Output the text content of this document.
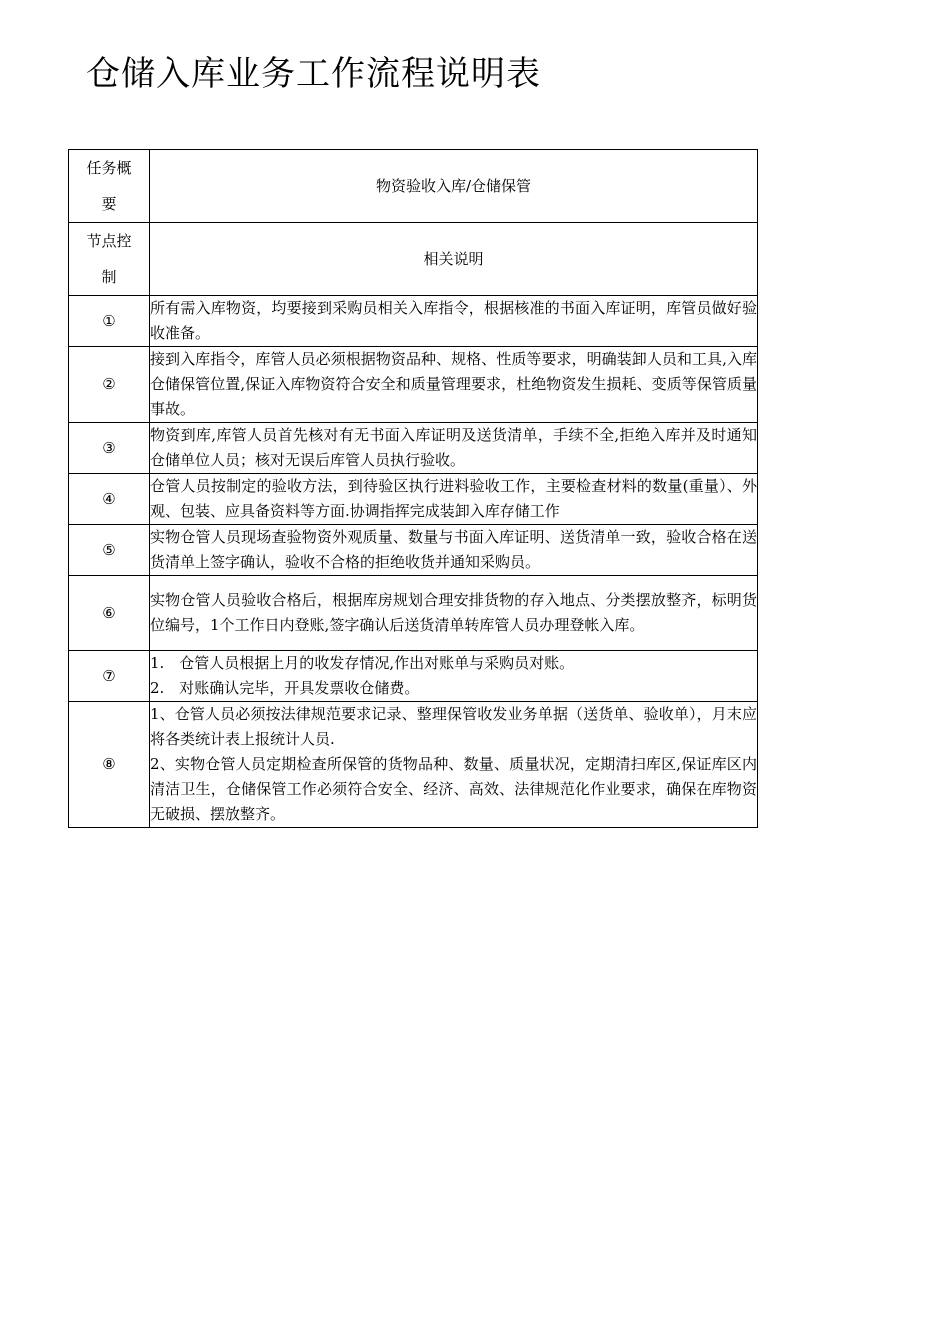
仓储入库业务工作流程说明表
任务概要	物资验收入库/仓储保管
节点控制	相关说明
①	所有需入库物资，均要接到采购员相关入库指令，根据核准的书面入库证明，库管员做好验收准备。

②	接到入库指令，库管人员必须根据物资品种、规格、性质等要求，明确装卸人员和工具,入库仓储保管位置,保证入库物资符合安全和质量管理要求，杜绝物资发生损耗、变质等保管质量事故。

③	物资到库,库管人员首先核对有无书面入库证明及送货清单，手续不全,拒绝入库并及时通知仓储单位人员；核对无误后库管人员执行验收。

④	仓管人员按制定的验收方法，到待验区执行进料验收工作，主要检查材料的数量(重量）、外观、包装、应具备资料等方面.协调指挥完成装卸入库存储工作

⑤	实物仓管人员现场查验物资外观质量、数量与书面入库证明、送货清单一致，验收合格在送货清单上签字确认，验收不合格的拒绝收货并通知采购员。

⑥	实物仓管人员验收合格后，根据库房规划合理安排货物的存入地点、分类摆放整齐，标明货位编号，1个工作日内登账,签字确认后送货清单转库管人员办理登帐入库。

⑦	1.　仓管人员根据上月的收发存情况,作出对账单与采购员对账。
2.　对账确认完毕，开具发票收仓储费。

⑧	1、仓管人员必须按法律规范要求记录、整理保管收发业务单据（送货单、验收单），月末应将各类统计表上报统计人员.
2、实物仓管人员定期检查所保管的货物品种、数量、质量状况，定期清扫库区,保证库区内清洁卫生，仓储保管工作必须符合安全、经济、高效、法律规范化作业要求，确保在库物资无破损、摆放整齐。
